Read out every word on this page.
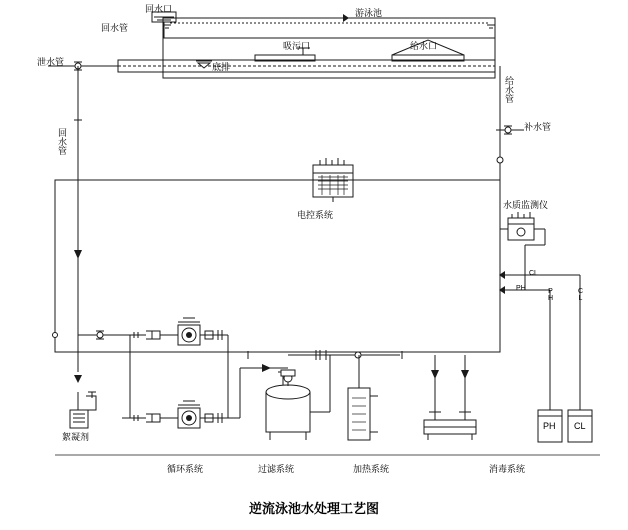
回水管
回水口	游泳池
吸污口	给水口
泄水管	底排
回水管
给水管
补水管
电控系统
水质监测仪
CL
PH	PH	CL
PH CL
絮凝剂
循环系统	过滤系统	加热系统	消毒系统
逆流泳池水处理工艺图
